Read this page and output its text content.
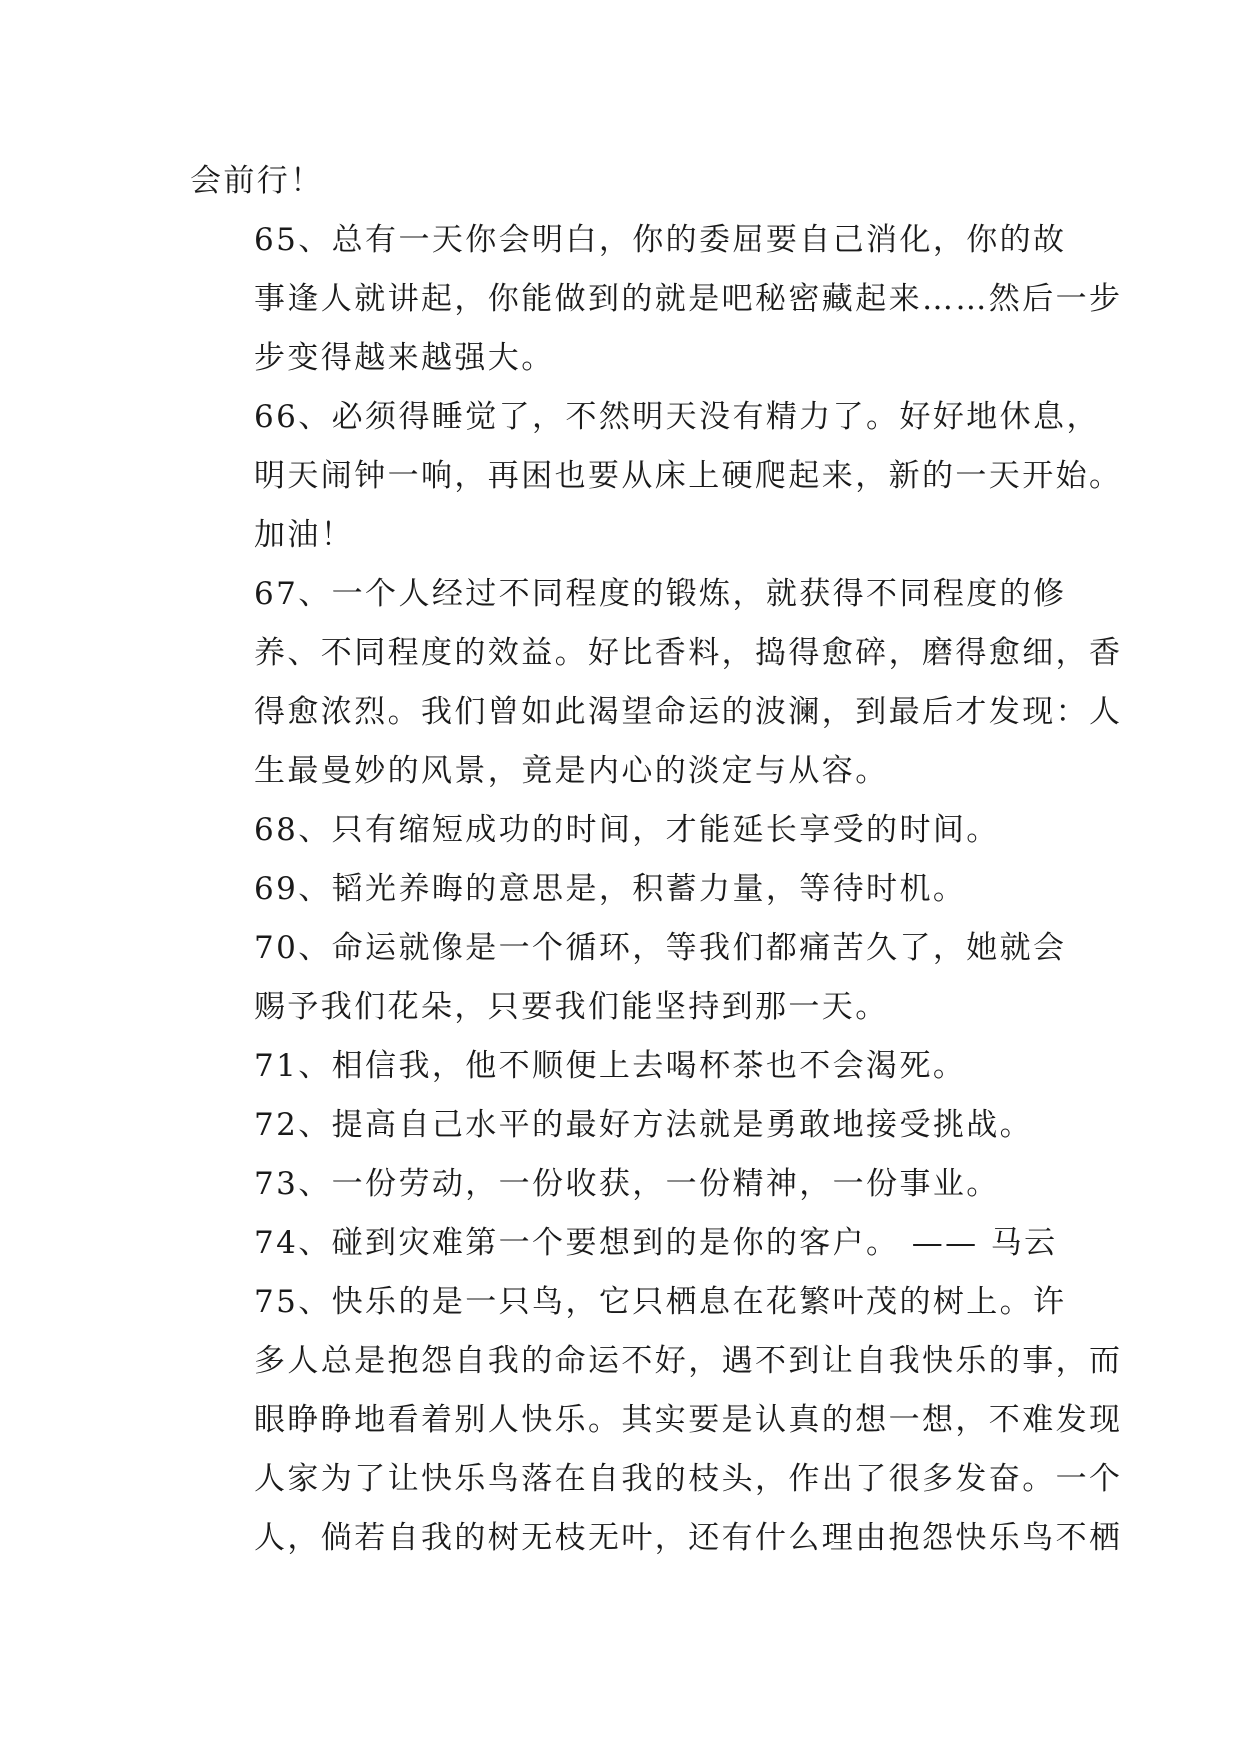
会前行！

65、总有一天你会明白，你的委屈要自己消化，你的故
事逢人就讲起，你能做到的就是吧秘密藏起来……然后一步
步变得越来越强大。

66、必须得睡觉了，不然明天没有精力了。好好地休息，
明天闹钟一响，再困也要从床上硬爬起来，新的一天开始。
加油！

67、一个人经过不同程度的锻炼，就获得不同程度的修
养、不同程度的效益。好比香料，捣得愈碎，磨得愈细，香
得愈浓烈。我们曾如此渴望命运的波澜，到最后才发现：人
生最曼妙的风景，竟是内心的淡定与从容。

68、只有缩短成功的时间，才能延长享受的时间。

69、韬光养晦的意思是，积蓄力量，等待时机。

70、命运就像是一个循环，等我们都痛苦久了，她就会
赐予我们花朵，只要我们能坚持到那一天。

71、相信我，他不顺便上去喝杯茶也不会渴死。

72、提高自己水平的最好方法就是勇敢地接受挑战。

73、一份劳动，一份收获，一份精神，一份事业。

74、碰到灾难第一个要想到的是你的客户。 —— 马云

75、快乐的是一只鸟，它只栖息在花繁叶茂的树上。许
多人总是抱怨自我的命运不好，遇不到让自我快乐的事，而
眼睁睁地看着别人快乐。其实要是认真的想一想，不难发现
人家为了让快乐鸟落在自我的枝头，作出了很多发奋。一个
人，倘若自我的树无枝无叶，还有什么理由抱怨快乐鸟不栖
